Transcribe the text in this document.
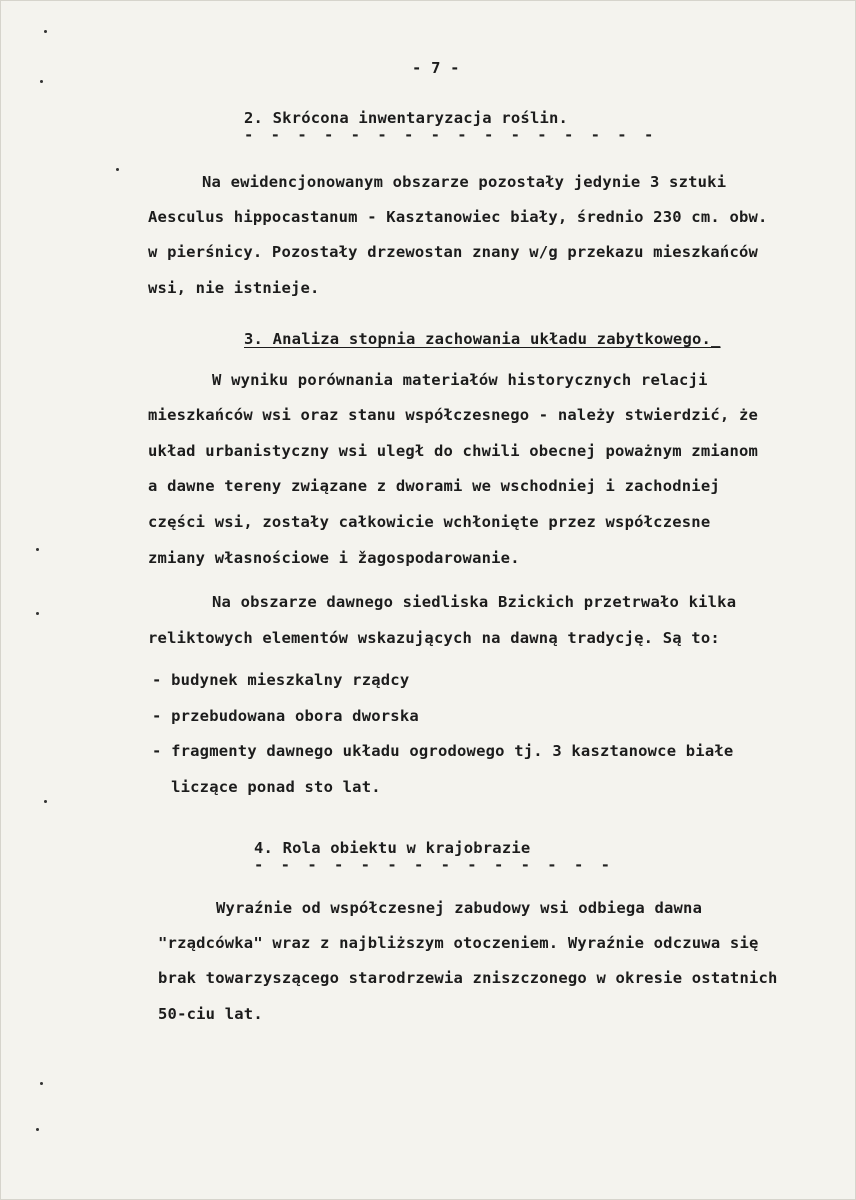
- 7 -
2. Skrócona inwentaryzacja roślin.
- - - - - - - - - - - - - - - -
Na ewidencjonowanym obszarze pozostały jedynie 3 sztuki
Aesculus hippocastanum - Kasztanowiec biały, średnio 230 cm. obw.
w pierśnicy. Pozostały drzewostan znany w/g przekazu mieszkańców
wsi, nie istnieje.
3. Analiza stopnia zachowania układu zabytkowego._
W wyniku porównania materiałów historycznych relacji
mieszkańców wsi oraz stanu współczesnego - należy stwierdzić, że
układ urbanistyczny wsi uległ do chwili obecnej poważnym zmianom
a dawne tereny związane z dworami we wschodniej i zachodniej
części wsi, zostały całkowicie wchłonięte przez współczesne
zmiany własnościowe i žagospodarowanie.
Na obszarze dawnego siedliska Bzickich przetrwało kilka
reliktowych elementów wskazujących na dawną tradycję. Są to:
- budynek mieszkalny rządcy
- przebudowana obora dworska
- fragmenty dawnego układu ogrodowego tj. 3 kasztanowce białe
liczące ponad sto lat.
4. Rola obiektu w krajobrazie
- - - - - - - - - - - - - -
Wyraźnie od współczesnej zabudowy wsi odbiega dawna
"rządcówka" wraz z najbliższym otoczeniem. Wyraźnie odczuwa się
brak towarzyszącego starodrzewia zniszczonego w okresie ostatnich
50-ciu lat.
